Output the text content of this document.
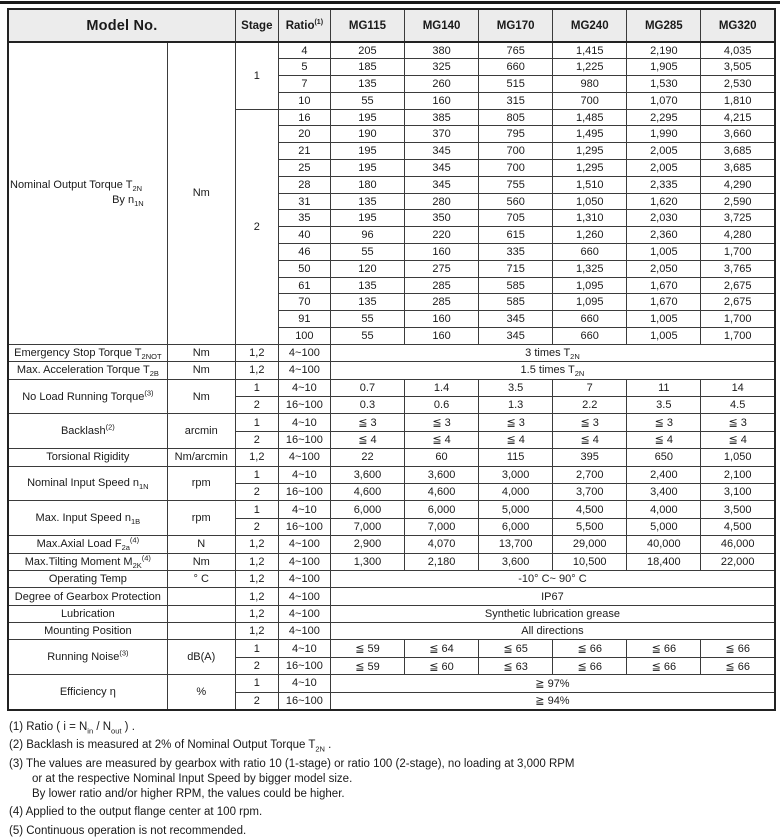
Model No.		Stage	Ratio$^{(1)}$	MG115	MG140	MG170	MG240	MG285	MG320

Nominal Output Torque $T_{2N}$
By $n_{1N}$	Nm	1	4	205	380	765	1,415	2,190	4,035
			5	185	325	660	1,225	1,905	3,505
			7	135	260	515	980	1,530	2,530
			10	55	160	315	700	1,070	1,810
		2	16	195	385	805	1,485	2,295	4,215
			20	190	370	795	1,495	1,990	3,660
			21	195	345	700	1,295	2,005	3,685
			25	195	345	700	1,295	2,005	3,685
			28	180	345	755	1,510	2,335	4,290
			31	135	280	560	1,050	1,620	2,590
			35	195	350	705	1,310	2,030	3,725
			40	96	220	615	1,260	2,360	4,280
			46	55	160	335	660	1,005	1,700
			50	120	275	715	1,325	2,050	3,765
			61	135	285	585	1,095	1,670	2,675
			70	135	285	585	1,095	1,670	2,675
			91	55	160	345	660	1,005	1,700
			100	55	160	345	660	1,005	1,700
Emergency Stop Torque $T_{2NOT}$	Nm	1,2	4~100	3 times $T_{2N}$
Max. Acceleration Torque $T_{2B}$	Nm	1,2	4~100	1.5 times $T_{2N}$
No Load Running Torque$^{(3)}$	Nm	1	4~10	0.7	1.4	3.5	7	11	14
		2	16~100	0.3	0.6	1.3	2.2	3.5	4.5
Backlash$^{(2)}$	arcmin	1	4~10	≦ 3	≦ 3	≦ 3	≦ 3	≦ 3	≦ 3
		2	16~100	≦ 4	≦ 4	≦ 4	≦ 4	≦ 4	≦ 4
Torsional Rigidity	Nm/arcmin	1,2	4~100	22	60	115	395	650	1,050
Nominal Input Speed $n_{1N}$	rpm	1	4~10	3,600	3,600	3,000	2,700	2,400	2,100
		2	16~100	4,600	4,600	4,000	3,700	3,400	3,100
Max. Input Speed $n_{1B}$	rpm	1	4~10	6,000	6,000	5,000	4,500	4,000	3,500
		2	16~100	7,000	7,000	6,000	5,500	5,000	4,500
Max.Axial Load $F_{2a}^{(4)}$	N	1,2	4~100	2,900	4,070	13,700	29,000	40,000	46,000
Max.Tilting Moment $M_{2K}^{(4)}$	Nm	1,2	4~100	1,300	2,180	3,600	10,500	18,400	22,000
Operating Temp	° C	1,2	4~100	-10° C~ 90° C					
Degree of Gearbox Protection		1,2	4~100	IP67					
Lubrication		1,2	4~100	Synthetic lubrication grease					
Mounting Position		1,2	4~100	All directions					
Running Noise$^{(3)}$	dB(A)	1	4~10	≦ 59	≦ 64	≦ 65	≦ 66	≦ 66	≦ 66
		2	16~100	≦ 59	≦ 60	≦ 63	≦ 66	≦ 66	≦ 66
Efficiency η	%	1	4~10	≧ 97%					
		2	16~100	≧ 94%					
(1) Ratio ( $i = N_{in} / N_{out}$ ) .
(2) Backlash is measured at 2% of Nominal Output Torque $T_{2N}$ .
(3) The values are measured by gearbox with ratio 10 (1-stage) or ratio 100 (2-stage), no loading at 3,000 RPM
or at the respective Nominal Input Speed by bigger model size.
By lower ratio and/or higher RPM, the values could be higher.
(4) Applied to the output flange center at 100 rpm.
(5) Continuous operation is not recommended.
